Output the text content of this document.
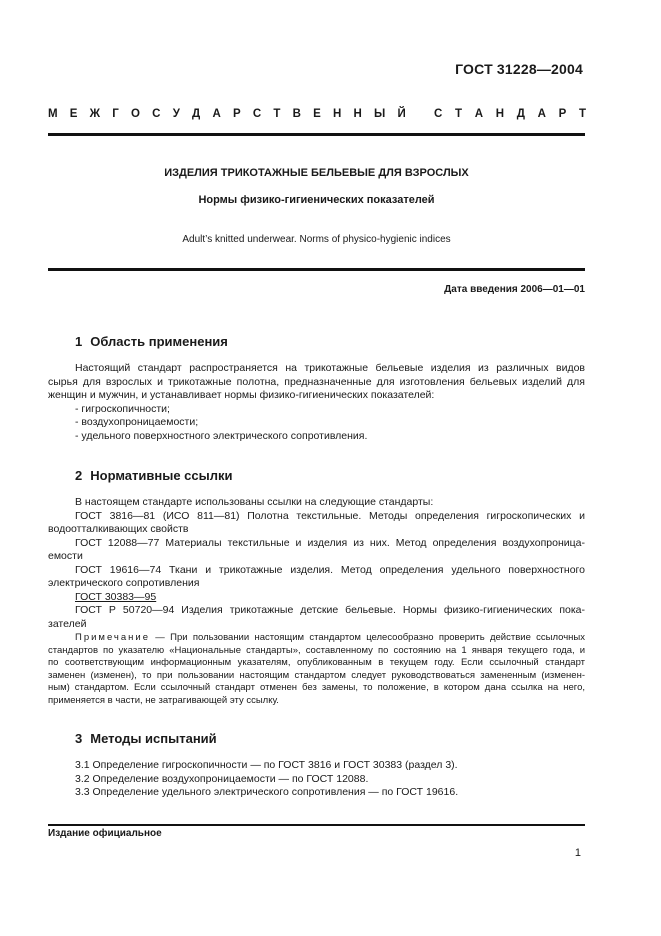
ГОСТ 31228—2004
М Е Ж Г О С У Д А Р С Т В Е Н Н Ы Й С Т А Н Д А Р Т
ИЗДЕЛИЯ ТРИКОТАЖНЫЕ БЕЛЬЕВЫЕ ДЛЯ ВЗРОСЛЫХ
Нормы физико-гигиенических показателей
Adult’s knitted underwear. Norms of physico-hygienic indices
Дата введения 2006—01—01
1 Область применения
Настоящий стандарт распространяется на трикотажные бельевые изделия из различных видов
сырья для взрослых и трикотажные полотна, предназначенные для изготовления бельевых изделий для
женщин и мужчин, и устанавливает нормы физико-гигиенических показателей:
- гигроскопичности;
- воздухопроницаемости;
- удельного поверхностного электрического сопротивления.
2 Нормативные ссылки
В настоящем стандарте использованы ссылки на следующие стандарты:
ГОСТ 3816—81 (ИСО 811—81) Полотна текстильные. Методы определения гигроскопических и
водоотталкивающих свойств
ГОСТ 12088—77 Материалы текстильные и изделия из них. Метод определения воздухопроница-
емости
ГОСТ 19616—74 Ткани и трикотажные изделия. Метод определения удельного поверхностного
электрического сопротивления
ГОСТ 30383—95
ГОСТ Р 50720—94 Изделия трикотажные детские бельевые. Нормы физико-гигиенических пока-
зателей
Примечание — При пользовании настоящим стандартом целесообразно проверить действие ссылочных
стандартов по указателю «Национальные стандарты», составленному по состоянию на 1 января текущего года, и
по соответствующим информационным указателям, опубликованным в текущем году. Если ссылочный стандарт
заменен (изменен), то при пользовании настоящим стандартом следует руководствоваться замененным (изменен-
ным) стандартом. Если ссылочный стандарт отменен без замены, то положение, в котором дана ссылка на него,
применяется в части, не затрагивающей эту ссылку.
3 Методы испытаний
3.1 Определение гигроскопичности — по ГОСТ 3816 и ГОСТ 30383 (раздел 3).
3.2 Определение воздухопроницаемости — по ГОСТ 12088.
3.3 Определение удельного электрического сопротивления — по ГОСТ 19616.
Издание официальное
1
